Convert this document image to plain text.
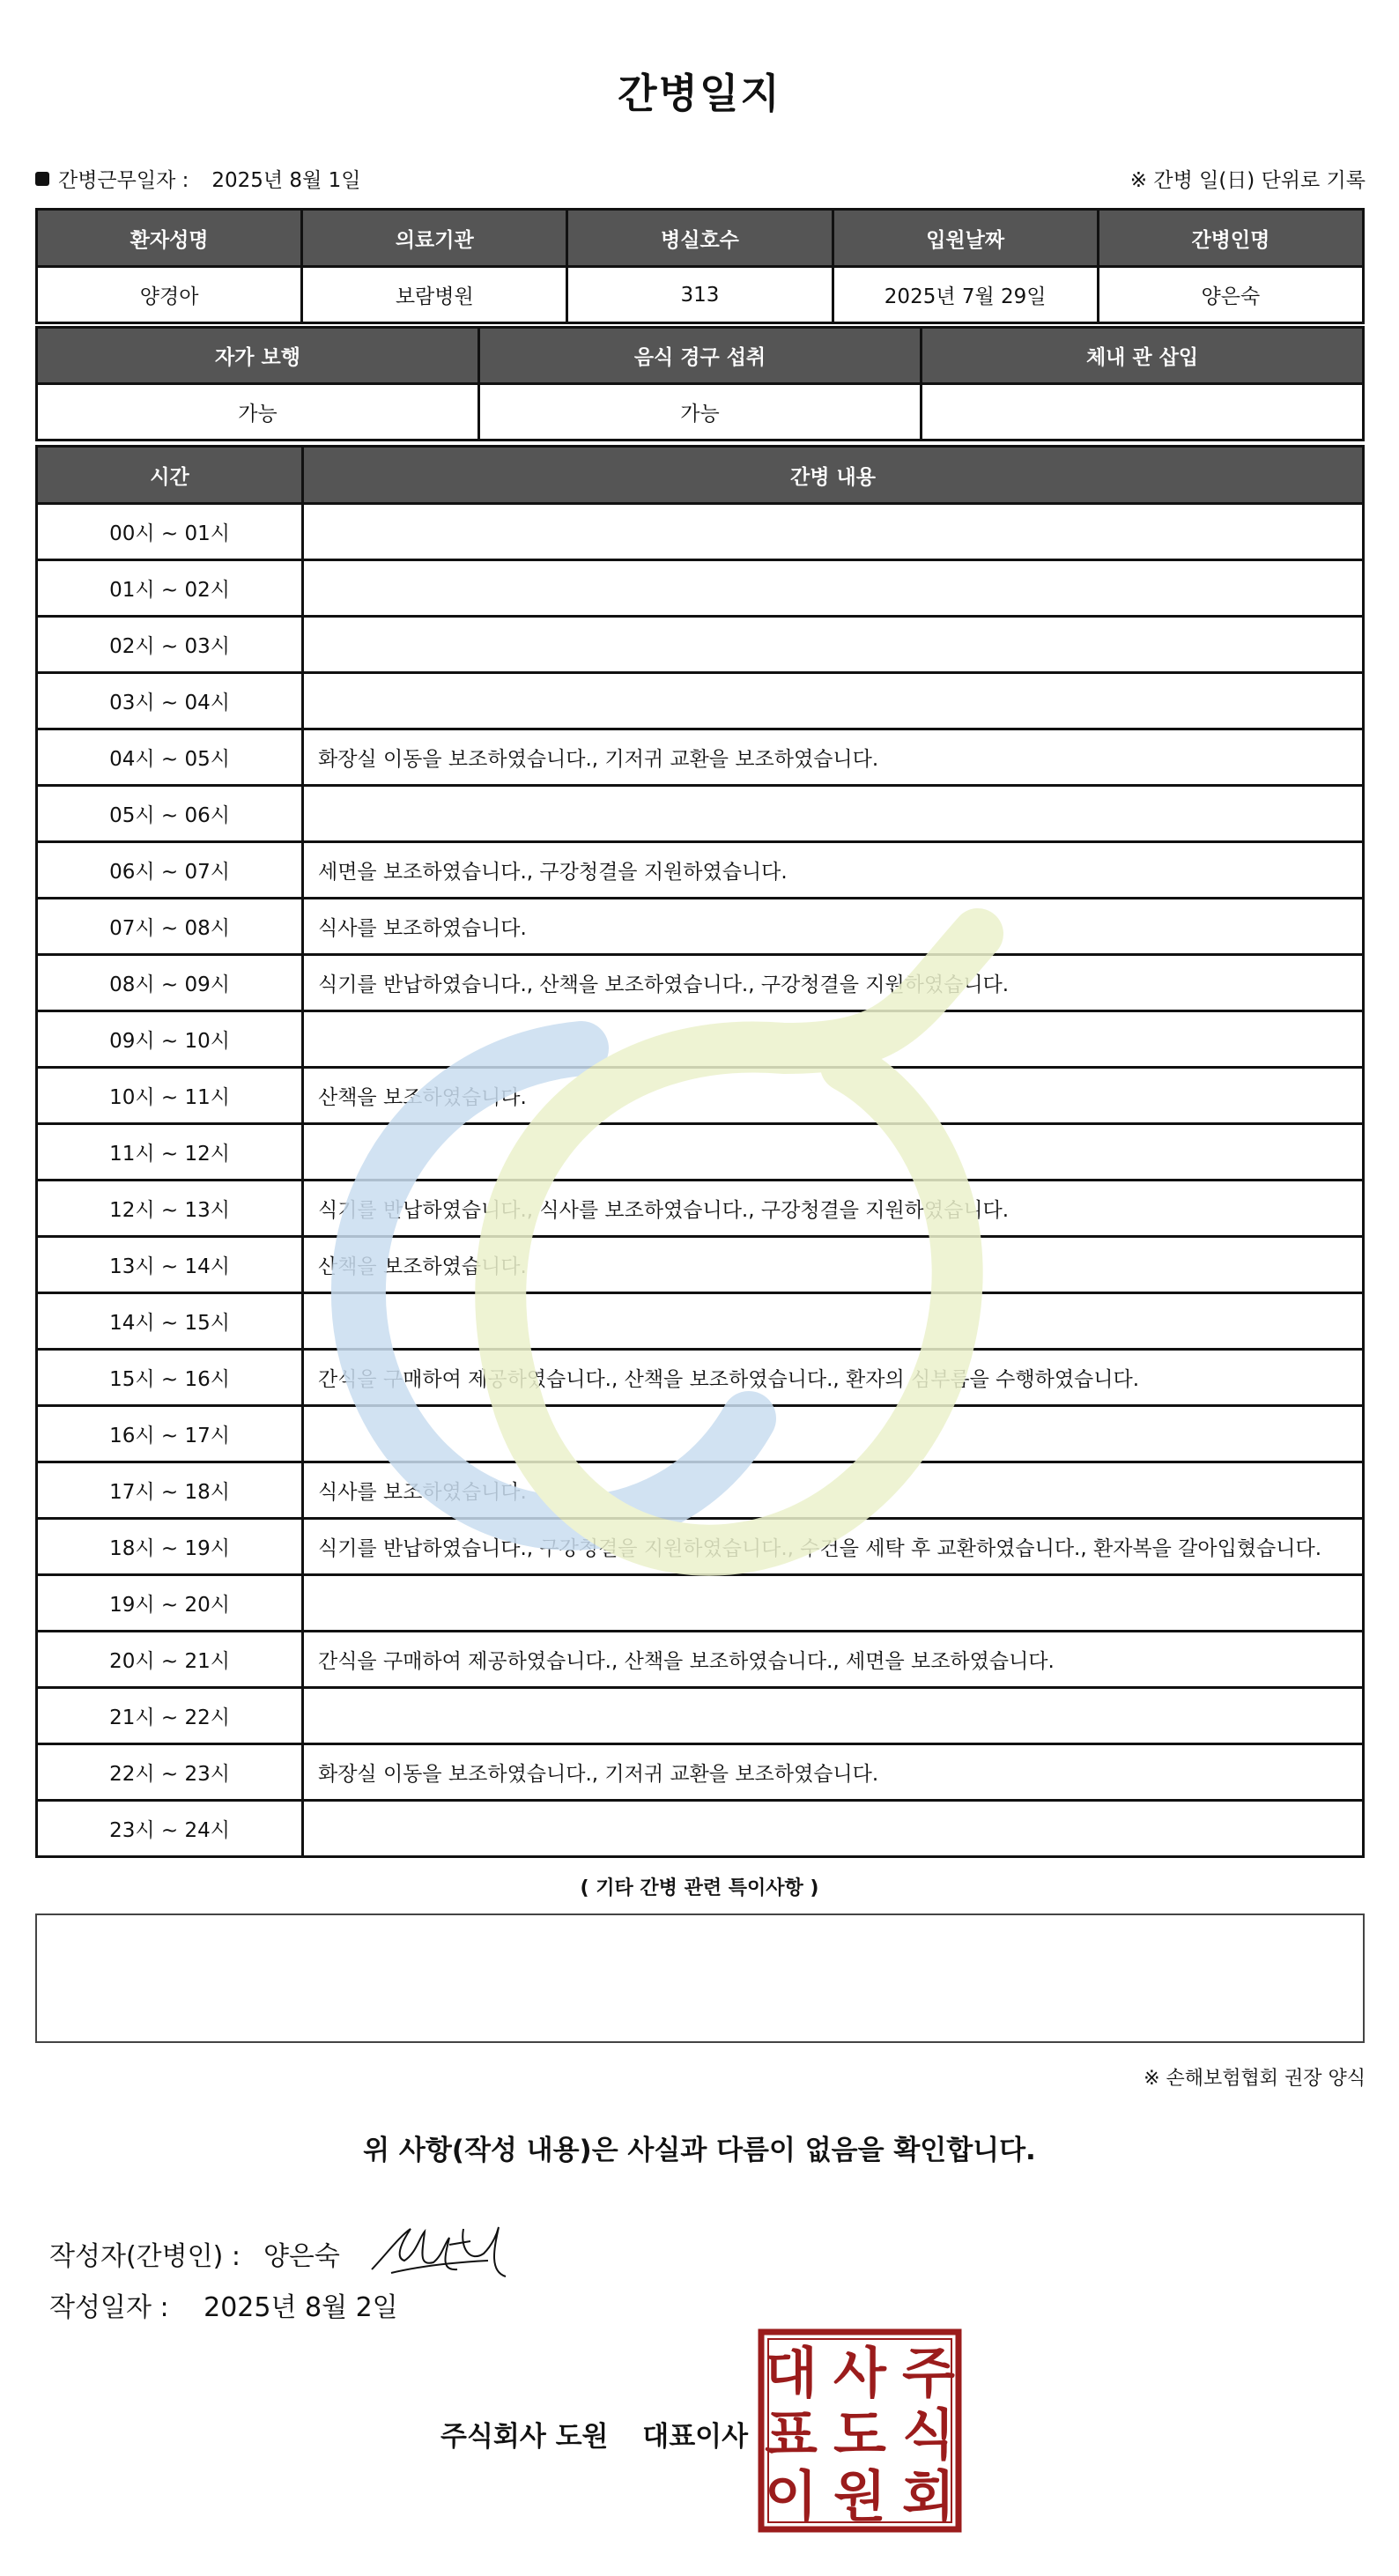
간병일지
간병근무일자 : 2025년 8월 1일	※ 간병 일(日) 단위로 기록
환자성명	의료기관	병실호수	입원날짜	간병인명
양경아	보람병원	313	2025년 7월 29일	양은숙
자가 보행	음식 경구 섭취	체내 관 삽입
가능	가능	
시간	간병 내용
00시 ~ 01시	
01시 ~ 02시	
02시 ~ 03시	
03시 ~ 04시	
04시 ~ 05시	화장실 이동을 보조하였습니다., 기저귀 교환을 보조하였습니다.
05시 ~ 06시	
06시 ~ 07시	세면을 보조하였습니다., 구강청결을 지원하였습니다.
07시 ~ 08시	식사를 보조하였습니다.
08시 ~ 09시	식기를 반납하였습니다., 산책을 보조하였습니다., 구강청결을 지원하였습니다.
09시 ~ 10시	
10시 ~ 11시	산책을 보조하였습니다.
11시 ~ 12시	
12시 ~ 13시	식기를 반납하였습니다., 식사를 보조하였습니다., 구강청결을 지원하였습니다.
13시 ~ 14시	산책을 보조하였습니다.
14시 ~ 15시	
15시 ~ 16시	간식을 구매하여 제공하였습니다., 산책을 보조하였습니다., 환자의 심부름을 수행하였습니다.
16시 ~ 17시	
17시 ~ 18시	식사를 보조하였습니다.
18시 ~ 19시	식기를 반납하였습니다., 구강청결을 지원하였습니다., 수건을 세탁 후 교환하였습니다., 환자복을 갈아입혔습니다.
19시 ~ 20시	
20시 ~ 21시	간식을 구매하여 제공하였습니다., 산책을 보조하였습니다., 세면을 보조하였습니다.
21시 ~ 22시	
22시 ~ 23시	화장실 이동을 보조하였습니다., 기저귀 교환을 보조하였습니다.
23시 ~ 24시	
( 기타 간병 관련 특이사항 )
※ 손해보험협회 권장 양식
위 사항(작성 내용)은 사실과 다름이 없음을 확인합니다.
작성자(간병인) : 양은숙
작성일자 : 2025년 8월 2일
주식회사 도원 대표이사
주
식
회
사
도
원
대
표
이
